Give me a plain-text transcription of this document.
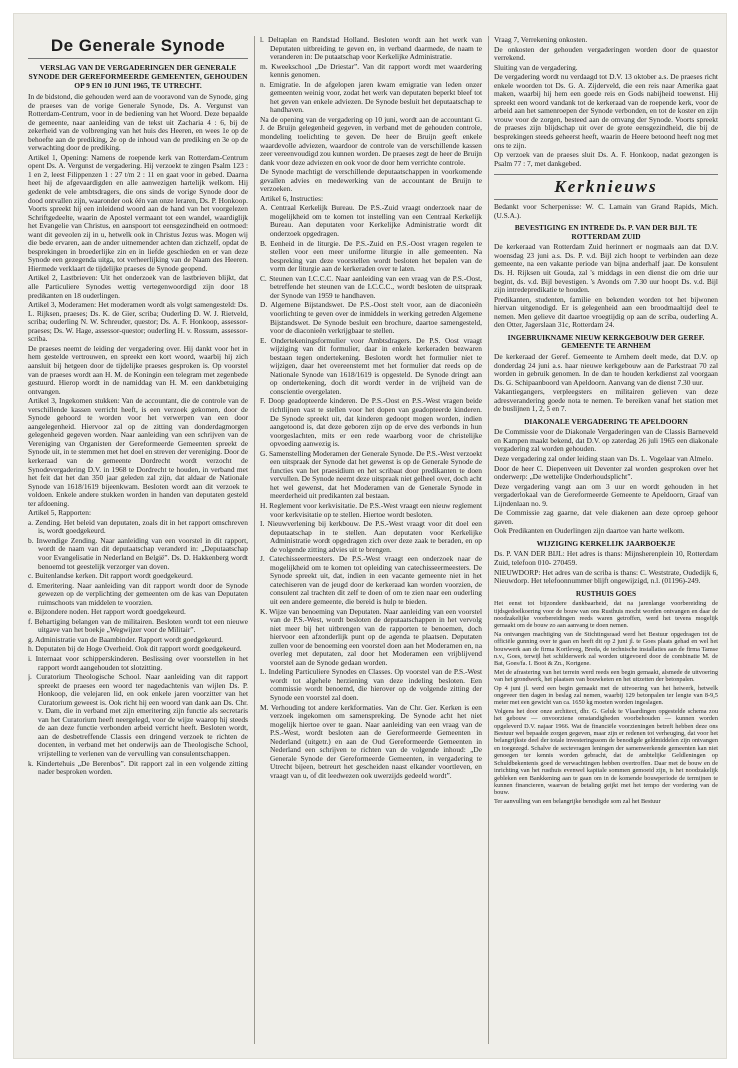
De Generale Synode
VERSLAG VAN DE VERGADERINGEN DER GENERALE SYNODE DER GEREFORMEERDE GEMEENTEN, GEHOUDEN OP 9 EN 10 JUNI 1965, TE UTRECHT.

In de bidstond, die gehouden werd aan de vooravond van de Synode, ging de praeses van de vorige Generale Synode, Ds. A. Vergunst van Rotterdam-Centrum, voor in de bediening van het Woord. Deze bepaalde de gemeente, naar aanleiding van de tekst uit Zacharia 4 : 6, bij de zekerheid van de volbrenging van het huis des Heeren, en wees 1e op de behoefte aan de prediking, 2e op de inhoud van de prediking en 3e op de verwachting door de prediking.

Artikel 1, Opening: Namens de roepende kerk van Rotterdam-Centrum opent Ds. A. Vergunst de vergadering. Hij verzoekt te zingen Psalm 123 : 1 en 2, leest Filippenzen 1 : 27 t/m 2 : 11 en gaat voor in gebed. Daarna heet hij de afgevaardigden en alle aanwezigen hartelijk welkom. Hij gedenkt de vele ambtsdragers, die ons sinds de vorige Synode door de dood ontvallen zijn, waaronder ook één van onze leraren, Ds. P. Honkoop. Voorts spreekt hij een inleidend woord aan de hand van het voorgelezen Schriftgedeelte, waarin de Apostel vermaant tot een wandel, waardiglijk het Evangelie van Christus, en aanspoort tot eensgezindheid en ootmoed: want dit geveolen zij in u, hetwelk ook in Christus Jezus was. Mogen wij die bede ervaren, aan de ander uitnemender achten dan zichzelf, opdat de besprekingen in broederlijke zin en in liefde geschieden en er van deze Synode een gezegenda uitga, tot verheerlijking van de Naam des Heeren. Hiermede verklaart de tijdelijke praeses de Synode geopend.

Artikel 2, Lastbrieven: Uit het onderzoek van de lastbrieven blijkt, dat alle Particuliere Synodes wettig vertegenwoordigd zijn door 18 predikanten en 18 ouderlingen.

Artikel 3, Moderamen: Het moderamen wordt als volgt samengesteld: Ds. L. Rijksen, praeses; Ds. K. de Gier, scriba; Ouderling D. W. J. Rietveld, scriba; ouderling N. W. Schreuder, questor; Ds. A. F. Honkoop, assessor-praeses; Ds. W. Hage, assessor-questor; ouderling H. v. Rossum, assessor-scriba.

De praeses neemt de leiding der vergadering over. Hij dankt voor het in hem gestelde vertrouwen, en spreekt een kort woord, waarbij hij zich aansluit bij hetgeen door de tijdelijke praeses gesproken is. Op voorstel van de praeses wordt aan H. M. de Koningin een telegram met zegenbede gestuurd. Hierop wordt in de namiddag van H. M. een dankbetuiging ontvangen.

Artikel 3, Ingekomen stukken: Van de accountant, die de controle van de verschillende kassen verricht heeft, is een verzoek gekomen, door de Synode gehoord te worden voor het verwerpen van een door aangelegenheid. Hiervoor zal op de zitting van donderdagmorgen gelegenheid gegeven worden. Naar aanleiding van een schrijven van de Vereniging van Organisten der Gereformeerde Gemeenten spreekt de Synode uit, in te stemmen met het doel en streven der vereniging. Door de kerkeraad van de gemeente Dordrecht wordt verzocht de Synodevergadering D.V. in 1968 te Dordrecht te houden, in verband met het feit dat het dan 350 jaar geleden zal zijn, dat aldaar de Nationale Synode van 1618/1619 bijeenkwam. Besloten wordt aan dit verzoek te voldoen. Enkele andere stukken worden in handen van deputaten gesteld ter afdoening.

Artikel 5, Rapporten:

a. Zending. Het beleid van deputaten, zoals dit in het rapport omschreven is, wordt goedgekeurd.

b. Inwendige Zending. Naar aanleiding van een voorstel in dit rapport, wordt de naam van dit deputaatschap veranderd in: „Deputaatschap voor Evangelisatie in Nederland en België”. Ds. D. Hakkenberg wordt benoemd tot geestelijk verzorger van doven.

c. Buitenlandse kerken. Dit rapport wordt goedgekeurd.

d. Emeritering. Naar aanleiding van dit rapport wordt door de Synode gewezen op de verplichting der gemeenten om de kas van Deputaten ruimschoots van middelen te voorzien.

e. Bijzondere noden. Het rapport wordt goedgekeurd.

f. Behartiging belangen van de militairen. Besloten wordt tot een nieuwe uitgave van het boekje „Wegwijzer voor de Militair”.

g. Administratie van de Baambinder. Rapport wordt goedgekeurd.

h. Deputaten bij de Hoge Overheid. Ook dit rapport wordt goedgekeurd.

i. Internaat voor schipperskinderen. Beslissing over voorstellen in het rapport wordt aangehouden tot slotzitting.

j. Curatorium Theologische School. Naar aanleiding van dit rapport spreekt de praeses een woord ter nagedachtenis van wijlen Ds. P. Honkoop, die velejaren lid, en ook enkele jaren voorzitter van het Curatorium geweest is. Ook richt hij een woord van dank aan Ds. Chr. v. Dam, die in verband met zijn emeritering zijn functie als secretaris van het Curatorium heeft neergelegd, voor de wijze waarop hij steeds de aan deze functie verbonden arbeid verricht heeft. Besloten wordt, aan de desbetreffende Classis een dringend verzoek te richten de docenten, in verband met het onderwijs aan de Theologische School, vrijstelling te verlenen van de vervulling van consulentschappen.

k. Kindertehuis „De Berenbos”. Dit rapport zal in een volgende zitting nader besproken worden.

l. Deltaplan en Randstad Holland. Besloten wordt aan het werk van Deputaten uitbreiding te geven en, in verband daarmede, de naam te veranderen in: De putaatschap voor Kerkelijke Administratie.

m. Kweekschool „De Driestar”. Van dit rapport wordt met waardering kennis genomen.

n. Emigratie. In de afgelopen jaren kwam emigratie van leden onzer gemeenten weinig voor, zodat het werk van deputaten beperkt bleef tot het geven van enkele adviezen. De Synode besluit het deputaatschap te handhaven.

Na de opening van de vergadering op 10 juni, wordt aan de accountant G. J. de Bruijn gelegenheid gegeven, in verband met de gehouden controle, mondeling toelichting te geven. De heer de Bruijn geeft enkele waardevolle adviezen, waardoor de controle van de verschillende kassen zeer vereenvoudigd zou kunnen worden. De praeses zegt de heer de Bruijn dank voor deze adviezen en ook voor de door hem verrichte controle.

De Synode machtigt de verschillende deputaatschappen in voorkomende gevallen advies en medewerking van de accountant de Bruijn te verzoeken.

Artikel 6, Instructies:

A. Centraal Kerkelijk Bureau. De P.S.-Zuid vraagt onderzoek naar de mogelijkheid om te komen tot instelling van een Centraal Kerkelijk Bureau. Aan deputaten voor Kerkelijke Administratie wordt dit onderzoek opgedragen.

B. Eenheid in de liturgie. De P.S.-Zuid en P.S.-Oost vragen regelen te stellen voor een meer uniforme liturgie in alle gemeenten. Na bespreking van deze voorstellen wordt besloten het bepalen van de vorm der liturgie aan de kerkeraden over te laten.

C. Steunen van I.C.C.C. Naar aanleiding van een vraag van de P.S.-Oost, betreffende het steunen van de I.C.C.C., wordt besloten de uitspraak der Synode van 1959 te handhaven.

D. Algemene Bijstandswet. De P.S.-Oost stelt voor, aan de diaconieën voorlichting te geven over de inmiddels in werking getreden Algemene Bijstandswet. De Synode besluit een brochure, daartoe samengesteld, voor de diaconieën verkrijgbaar te stellen.

E. Ondertekeningsformulier voor Ambtsdragers. De P.S. Oost vraagt wijziging van dit formulier, daar in enkele kerkeraden bezwaren bestaan tegen ondertekening. Besloten wordt het formulier niet te wijzigen, daar het overeenstemt met het formulier dat reeds op de Nationale Synode van 1618/1619 is opgesteld. De Synode dringt aan op ondertekening, doch dit wordt verder in de vrijheid van de conscientie overgelaten.

F. Doop geadopteerde kinderen. De P.S.-Oost en P.S.-West vragen beide richtlijnen vast te stellen voor het dopen van geadopteerde kinderen. De Synode spreekt uit, dat kinderen gedoopt mogen worden, indien aangetoond is, dat deze geboren zijn op de erve des verbonds in hun voorgeslachten, mits er een rede waarborg voor de christelijke opvoeding aanwezig is.

G. Samenstelling Moderamen der Generale Synode. De P.S.-West verzoekt een uitspraak der Synode dat het gewenst is op de Generale Synode de functies van het praesidium en het scribaat door predikanten te doen vervullen. De Synode neemt deze uitspraak niet gelheel over, doch acht het wel gewenst, dat het Moderamen van de Generale Synode in meerderheid uit predikanten zal bestaan.

H. Reglement voor kerkvisitatie. De P.S.-West vraagt een nieuw reglement voor kerkvisitatie op te stellen. Hiertoe wordt besloten.

I. Nieuwverlening bij kerkbouw. De P.S.-West vraagt voor dit doel een deputaatschap in te stellen. Aan deputaten voor Kerkelijke Administratie wordt opgedragen zich over deze zaak te beraden, en op de volgende zitting advies uit te brengen.

J. Catechisseermeesters. De P.S.-West vraagt een onderzoek naar de mogelijkheid om te komen tot opleiding van catechisseermeesters. De Synode spreekt uit, dat, indien in een vacante gemeente niet in het catechiseren van de jeugd door de kerkeraad kan worden voorzien, de consulent zal trachten dit zelf te doen of om te zien naar een ouderling uit een andere gemeente, die bereid is hulp te bieden.

K. Wijze van benoeming van Deputaten. Naar aanleiding van een voorstel van de P.S.-West, wordt besloten de deputaatschappen in het vervolg niet meer bij het uitbrengen van de rapporten te benoemen, doch hiervoor een afzonderlijk punt op de agenda te plaatsen. Deputaten zullen voor de benoeming een voorstel doen aan het Moderamen en, na overleg met deputaten, zal door het Moderamen een vrijblijvend voorstel aan de Synode gedaan worden.

L. Indeling Particuliere Synodes en Classes. Op voorstel van de P.S.-West wordt tot algehele herziening van deze indeling besloten. Een commissie wordt benoemd, die hierover op de volgende zitting der Synode een voorstel zal doen.

M. Verhouding tot andere kerkformaties. Van de Chr. Ger. Kerken is een verzoek ingekomen om samenspreking. De Synode acht het niet mogelijk hiertoe over te gaan. Naar aanleiding van een vraag van de P.S.-West, wordt besloten aan de Gereformeerde Gemeenten in Nederland (uitgetr.) en aan de Oud Gereformeerde Gemeenten in Nederland een schrijven te richten van de volgende inhoud: „De Generale Synode der Gereformeerde Gemeenten, in vergadering te Utrecht bijeen, betreurt het gescheiden naast elkander voortleven, en vraagt van u, of dit leedwezen ook uwerzijds gedeeld wordt”.

Vraag 7, Verrekening onkosten.

De onkosten der gehouden vergaderingen worden door de quaestor verrekend.

Sluiting van de vergadering.

De vergadering wordt nu verdaagd tot D.V. 13 oktober a.s. De praeses richt enkele woorden tot Ds. G. A. Zijderveld, die een reis naar Amerika gaat maken, waarbij hij hem een goede reis en Gods nabijheid toewenst. Hij spreekt een woord vandank tot de kerkeraad van de roepende kerk, voor de arbeid aan het samenroepen der Synode verbonden, en tot de koster en zijn vrouw voor de zorgen, besteed aan de omvang der Synode. Voorts spreekt de praeses zijn blijdschap uit over de grote eensgezindheid, die bij de besprekingen steeds geheerst heeft, waarin de Heere betoond heeft nog met ons te zijn.

Op verzoek van de praeses sluit Ds. A. F. Honkoop, nadat gezongen is Psalm 77 : 7, met dankgebed.

Kerknieuws

Bedankt voor Scherpenisse: W. C. Lamain van Grand Rapids, Mich. (U.S.A.).

BEVESTIGING EN INTREDE Ds. P. VAN DER BIJL TE ROTTERDAM ZUID

De kerkeraad van Rotterdam Zuid herinnert er nogmaals aan dat D.V. woensdag 23 juni a.s. Ds. P. v.d. Bijl zich hoopt te verbinden aan deze gemeente, na een vakante periode van bijna anderhalf jaar. De konsulent Ds. H. Rijksen uit Gouda, zal 's middags in een dienst die om drie uur begint, ds. v.d. Bijl bevestigen. 's Avonds om 7.30 uur hoopt Ds. v.d. Bijl zijn intredepredikatie te houden.

Predikanten, studenten, familie en bekenden worden tot het bijwonen hiervan uitgenodigd. Er is gelegenheid aan een broodmaaltijd deel te nemen. Men gelieve dit daartoe vroegtijdig op aan de scriba, ouderling A. den Otter, Jagerslaan 31c, Rotterdam 24.

INGEBRUIKNAME NIEUW KERKGEBOUW DER GEREF. GEMEENTE TE ARNHEM

De kerkeraad der Geref. Gemeente te Arnhem deelt mede, dat D.V. op donderdag 24 juni a.s. haar nieuwe kerkgebouw aan de Parkstraat 70 zal worden in gebruik genomen. In de dan te houden kerkdienst zal voorgaan Ds. G. Schipaanboord van Apeldoorn. Aanvang van de dienst 7.30 uur.

Vakantiegangers, verpleegsters en militairen gelieven van deze adresverandering goede nota te nemen. Te bereiken vanaf het station met de buslijnen 1, 2, 5 en 7.

DIAKONALE VERGADERING TE APELDOORN

De Commissie voor de Diakonale Vergaderingen van de Classis Barneveld en Kampen maakt bekend, dat D.V. op zaterdag 26 juli 1965 een diakonale vergadering zal worden gehouden.

Deze vergadering zal onder leiding staan van Ds. L. Vogelaar van Almelo.

Door de heer C. Diepenveen uit Deventer zal worden gesproken over het onderwerp: „De wettelijke Onderhoudsplicht”.

Deze vergadering vangt aan om 3 uur en wordt gehouden in het vergaderlokaal van de Gereformeerde Gemeente te Apeldoorn, Graaf van Lijndenlaan no. 9.

De Commissie zag gaarne, dat vele diakenen aan deze oproep gehoor gaven.

Ook Predikanten en Ouderlingen zijn daartoe van harte welkom.

WIJZIGING KERKELIJK JAARBOEKJE

Ds. P. VAN DER BIJL: Het adres is thans: Mijnsherenplein 10, Rotterdam Zuid, telefoon 010- 270459.

NIEUWDORP: Het adres van de scriba is thans: C. Weststrate, Oudedijk 6, Nieuwdorp. Het telefoonnummer blijft ongewijzigd, n.l. (01196)-249.

RUSTHUIS GOES

Het eenst tot bijzondere dankbaarheid, dat na jarenlange voorbereiding de tijdsgedoelkoering voor de bouw van ons Rusthuis mocht worden ontvangen en daar de noodzakelijke voorbereidingen reeds waren getroffen, werd het tevens mogelijk gemaakt om de bouw zo aan aanvang te doen nemen.

Na ontvangen machtiging van de Stichtingsraad werd het Bestuur opgedragen tot de officiële gunning over te gaan en heeft dit op 2 juni jl. te Goes plaats gehad en wel het bouwwerk aan de firma Kortleveg, Breda, de technische installaties aan de firma Tamse n.v., Goes, terwijl het schilderwerk zal worden uitgevoerd door de combinatie M. de Bat, Goes/fa. I. Boot & Zn., Kortgene.

Met de afrastering van het terrein werd reeds een begin gemaakt, alsmede de uitvoering van het grondwerk, het plaatsen van bouwketen en het uitzetten der betonpalen.

Op 4 juni jl. werd een begin gemaakt met de uitvoering van het heiwerk, hetwelk ongeveer tien dagen in beslag zal nemen, waarbij 129 betonpalen ter lengte van 8-9,5 meter met een gewicht van ca. 1650 kg moeten worden ingeslagen.

Volgens het door onze architect, dhr. G. Geluk te Vlaardingen opgestelde schema zou het gebouw — onvoorziene omstandigheden voorbehouden — kunnen worden opgeleverd D.V. najaar 1966. Wat de financiële voorzieningen betreft hebben deze ons Bestuur wel bepaalde zorgen gegeven, maar zijn er redenen tot verheuging, dat voor het belangrijkste deel der totale investeringssom de benodigde geldmiddelen zijn ontvangen en toegezegd. Schalve de sectevragen leningen der samenwerkende gemeenten kan niet genoegen ter kennis worden gebracht, dat de ambtelijke Geldleningen op Schuldbekentenis goed de verwachtingen hebben overtroffen. Daar met de bouw en de inrichting van het rusthuis evenwel kapitale sommen gemoeid zijn, is het noodzakelijk gebleken een Bankkening aan te gaan om in de komende bouwperiode de termijnen te kunnen financieren, waarvan de betaling geijkt met het tempo der vordering van de bouw.

Ter aanvulling van een belangrijke benodigde som zal het Bestuur
